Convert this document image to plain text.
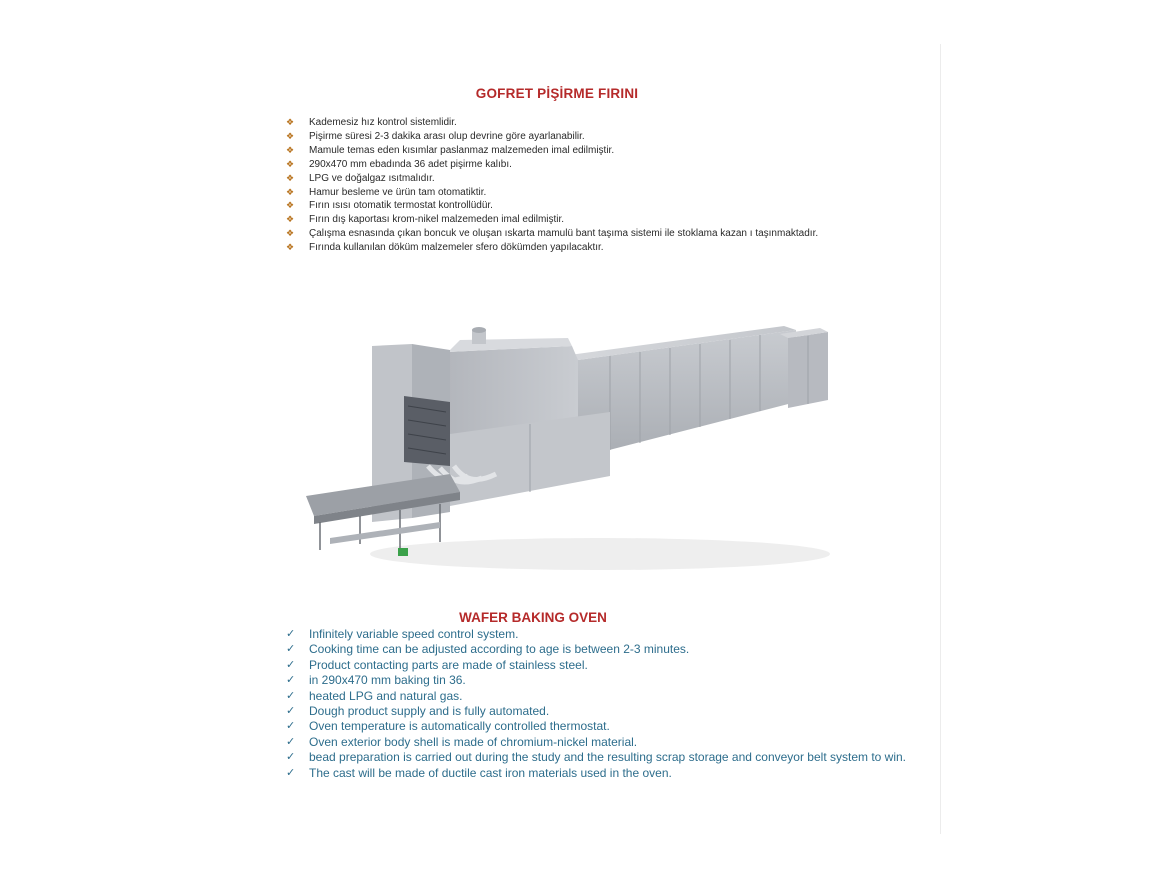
GOFRET PİŞİRME FIRINI
❖ Kademesiz hız kontrol sistemlidir.
❖ Pişirme süresi 2-3 dakika arası olup devrine göre ayarlanabilir.
❖ Mamule temas eden kısımlar paslanmaz malzemeden imal edilmiştir.
❖ 290x470 mm ebadında 36 adet pişirme kalıbı.
❖ LPG ve doğalgaz ısıtmalıdır.
❖ Hamur besleme ve ürün tam otomatiktir.
❖ Fırın ısısı otomatik termostat kontrollüdür.
❖ Fırın dış kaportası krom-nikel malzemeden imal edilmiştir.
❖ Çalışma esnasında çıkan boncuk ve oluşan ıskarta mamulü bant taşıma sistemi ile stoklama kazan ı taşınmaktadır.
❖ Fırında kullanılan döküm malzemeler sfero dökümden yapılacaktır.
WAFER BAKING OVEN
✓ Infinitely variable speed control system.
✓ Cooking time can be adjusted according to age is between 2-3 minutes.
✓ Product contacting parts are made of stainless steel.
✓ in 290x470 mm baking tin 36.
✓ heated LPG and natural gas.
✓ Dough product supply and is fully automated.
✓ Oven temperature is automatically controlled thermostat.
✓ Oven exterior body shell is made of chromium-nickel material.
✓ bead preparation is carried out during the study and the resulting scrap storage and conveyor belt system to win.
✓ The cast will be made of ductile cast iron materials used in the oven.
